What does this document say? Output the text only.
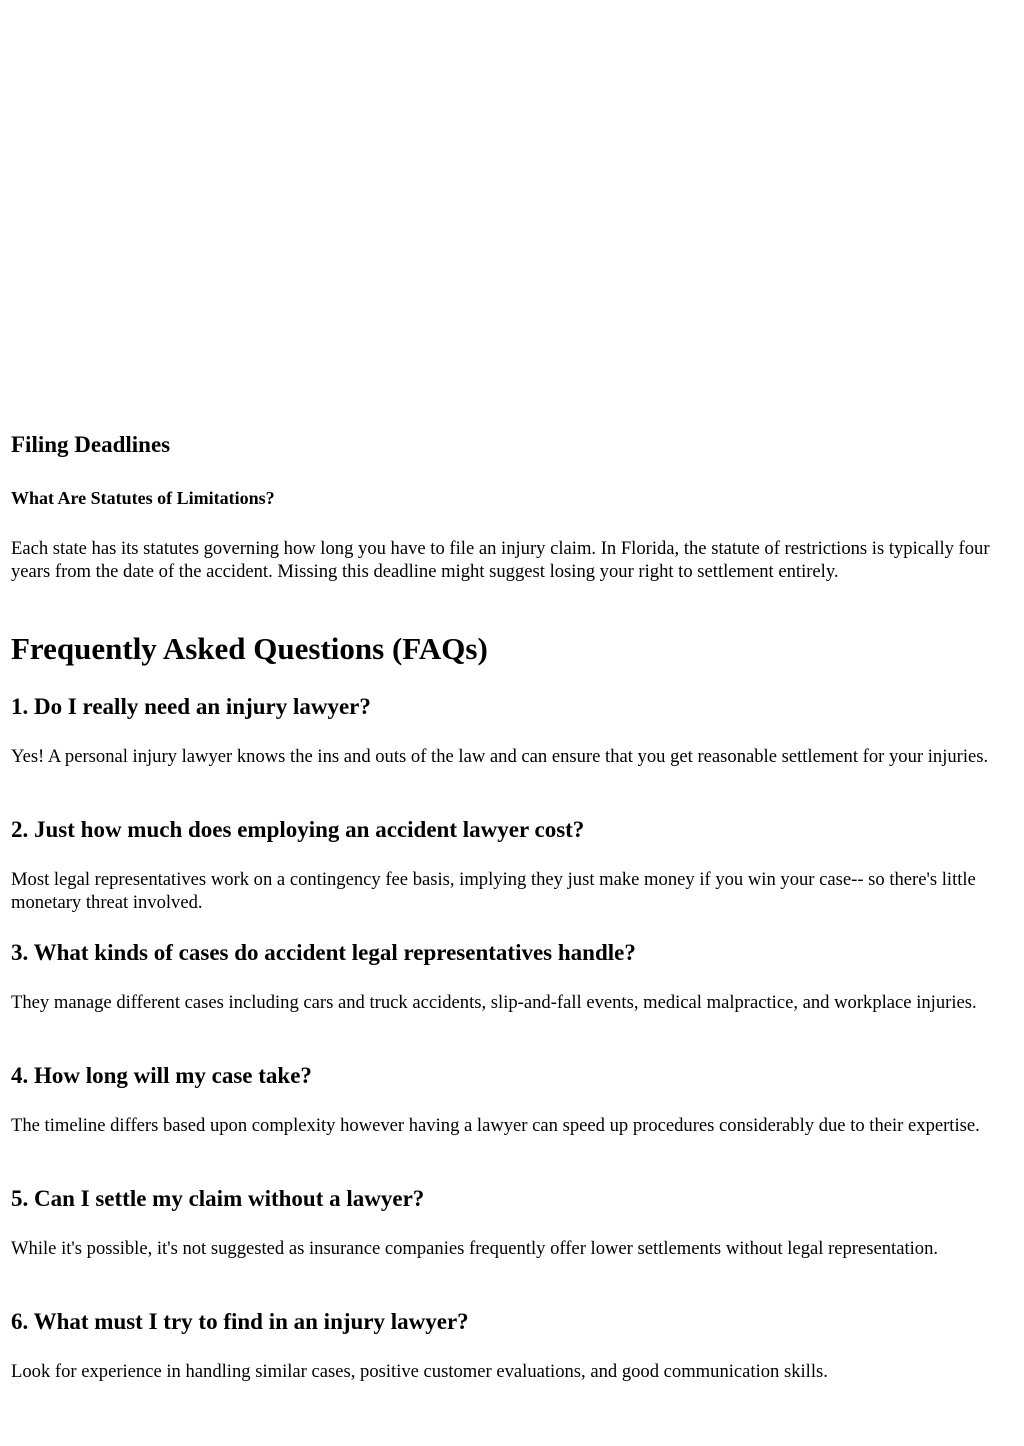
Filing Deadlines
What Are Statutes of Limitations?

Each state has its statutes governing how long you have to file an injury claim. In Florida, the statute of restrictions is typically four years from the date of the accident. Missing this deadline might suggest losing your right to settlement entirely.

Frequently Asked Questions (FAQs)
1. Do I really need an injury lawyer?

Yes! A personal injury lawyer knows the ins and outs of the law and can ensure that you get reasonable settlement for your injuries.

2. Just how much does employing an accident lawyer cost?

Most legal representatives work on a contingency fee basis, implying they just make money if you win your case-- so there's little monetary threat involved.

3. What kinds of cases do accident legal representatives handle?

They manage different cases including cars and truck accidents, slip-and-fall events, medical malpractice, and workplace injuries.

4. How long will my case take?

The timeline differs based upon complexity however having a lawyer can speed up procedures considerably due to their expertise.

5. Can I settle my claim without a lawyer?

While it's possible, it's not suggested as insurance companies frequently offer lower settlements without legal representation.

6. What must I try to find in an injury lawyer?

Look for experience in handling similar cases, positive customer evaluations, and good communication skills.
